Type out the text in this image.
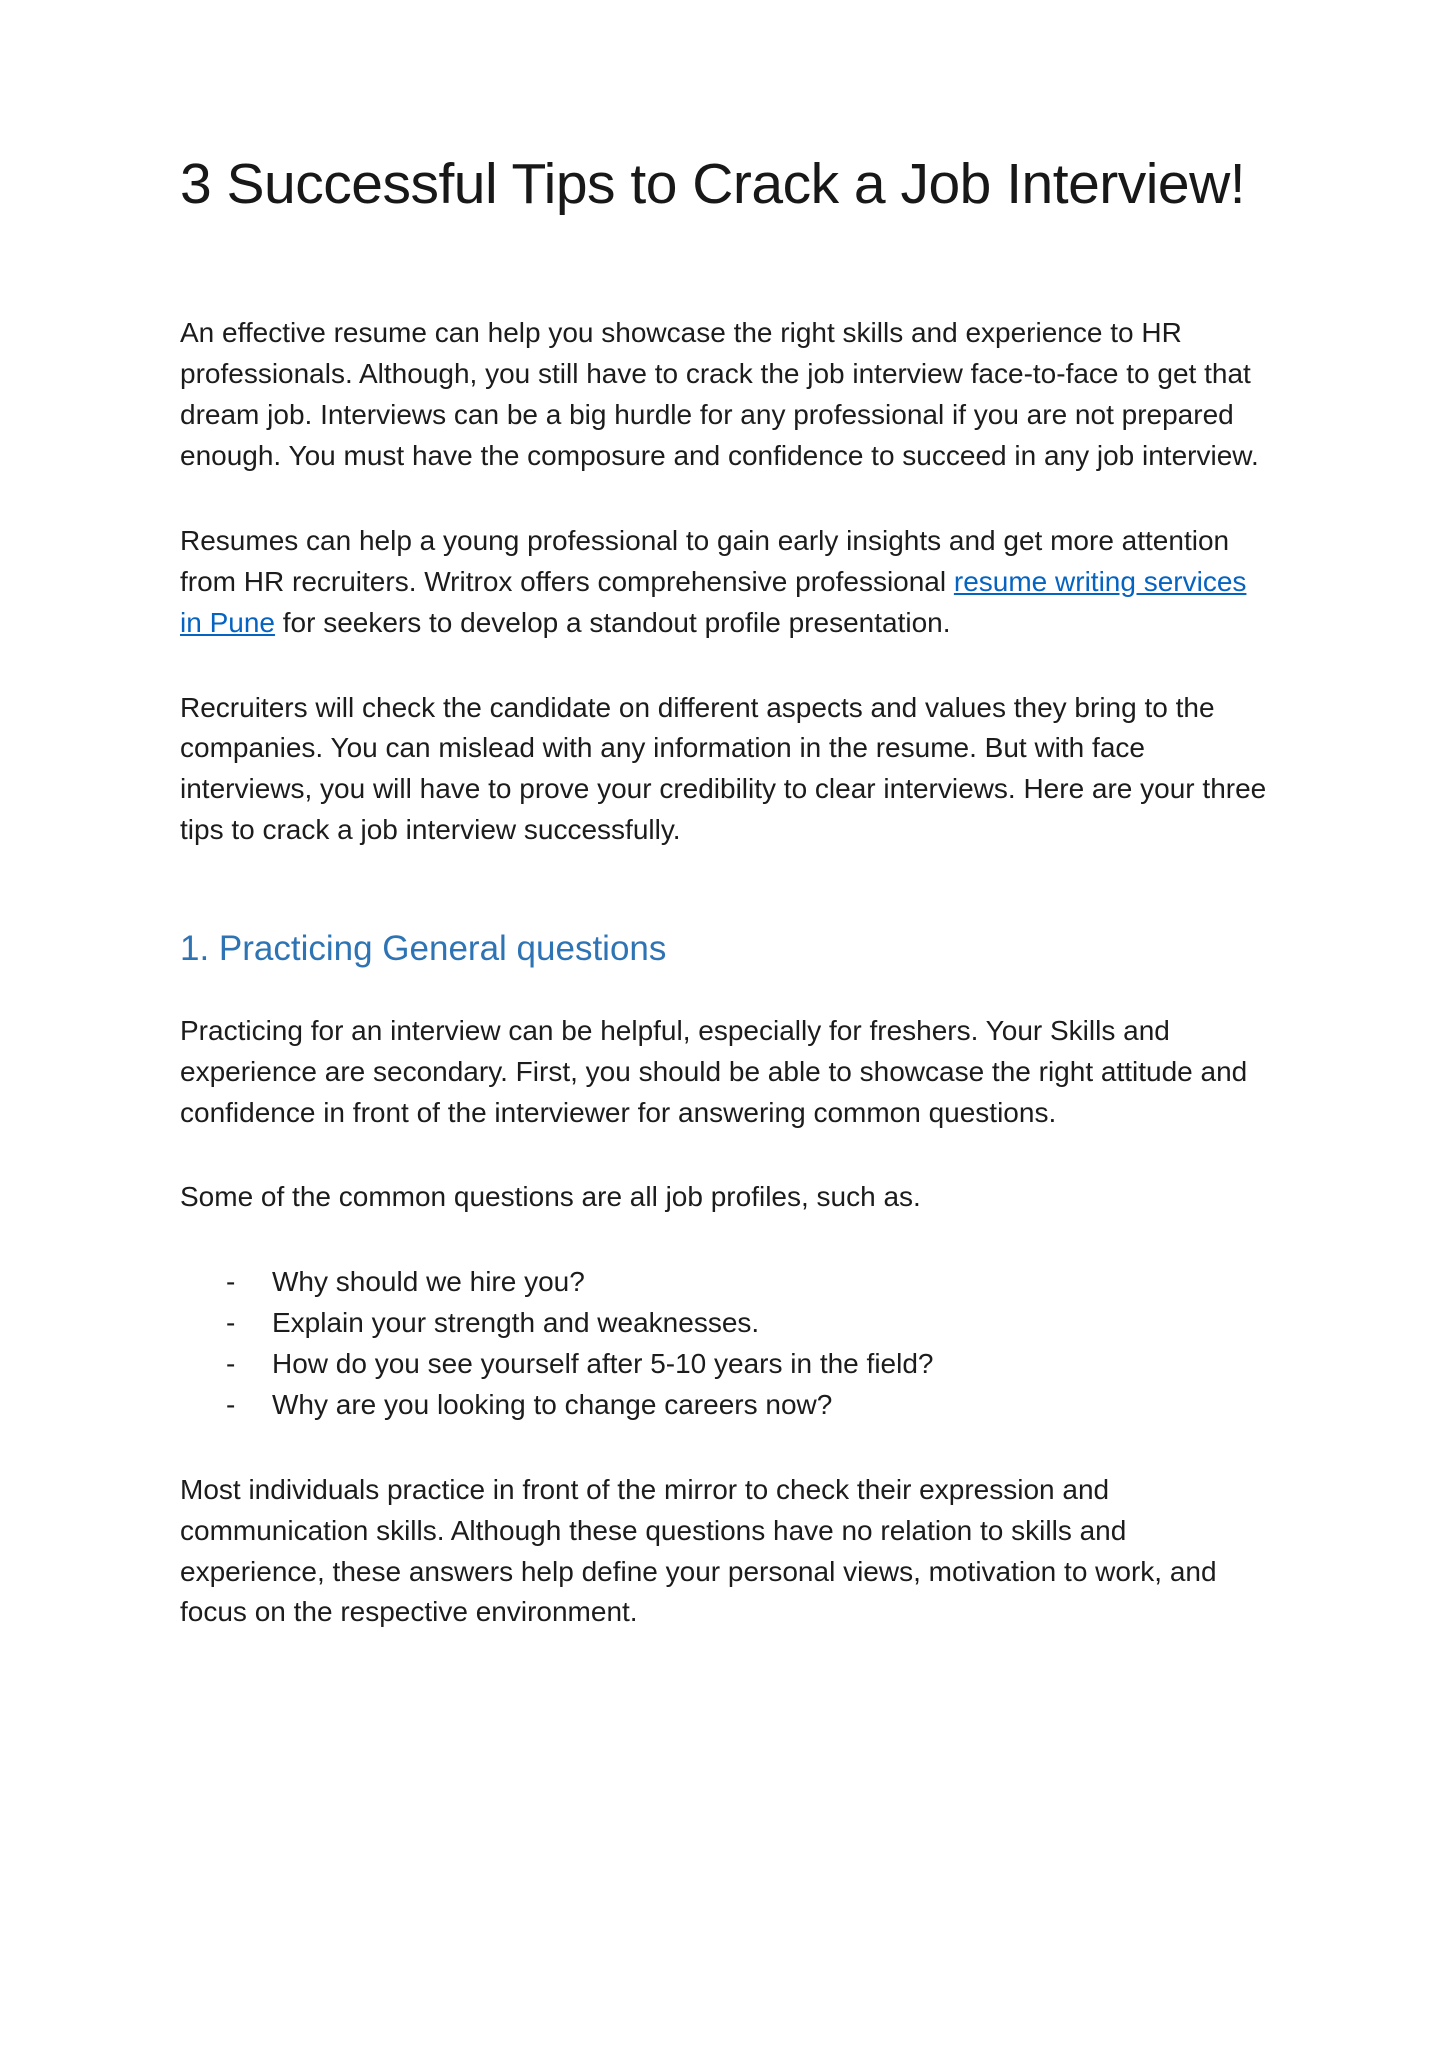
3 Successful Tips to Crack a Job Interview!

An effective resume can help you showcase the right skills and experience to HR professionals. Although, you still have to crack the job interview face-to-face to get that dream job. Interviews can be a big hurdle for any professional if you are not prepared enough. You must have the composure and confidence to succeed in any job interview.

Resumes can help a young professional to gain early insights and get more attention from HR recruiters. Writrox offers comprehensive professional resume writing services in Pune for seekers to develop a standout profile presentation.

Recruiters will check the candidate on different aspects and values they bring to the companies. You can mislead with any information in the resume. But with face interviews, you will have to prove your credibility to clear interviews. Here are your three tips to crack a job interview successfully.

1. Practicing General questions

Practicing for an interview can be helpful, especially for freshers. Your Skills and experience are secondary. First, you should be able to showcase the right attitude and confidence in front of the interviewer for answering common questions.

Some of the common questions are all job profiles, such as.

-	Why should we hire you?
-	Explain your strength and weaknesses.
-	How do you see yourself after 5-10 years in the field?
-	Why are you looking to change careers now?

Most individuals practice in front of the mirror to check their expression and communication skills. Although these questions have no relation to skills and experience, these answers help define your personal views, motivation to work, and focus on the respective environment.
